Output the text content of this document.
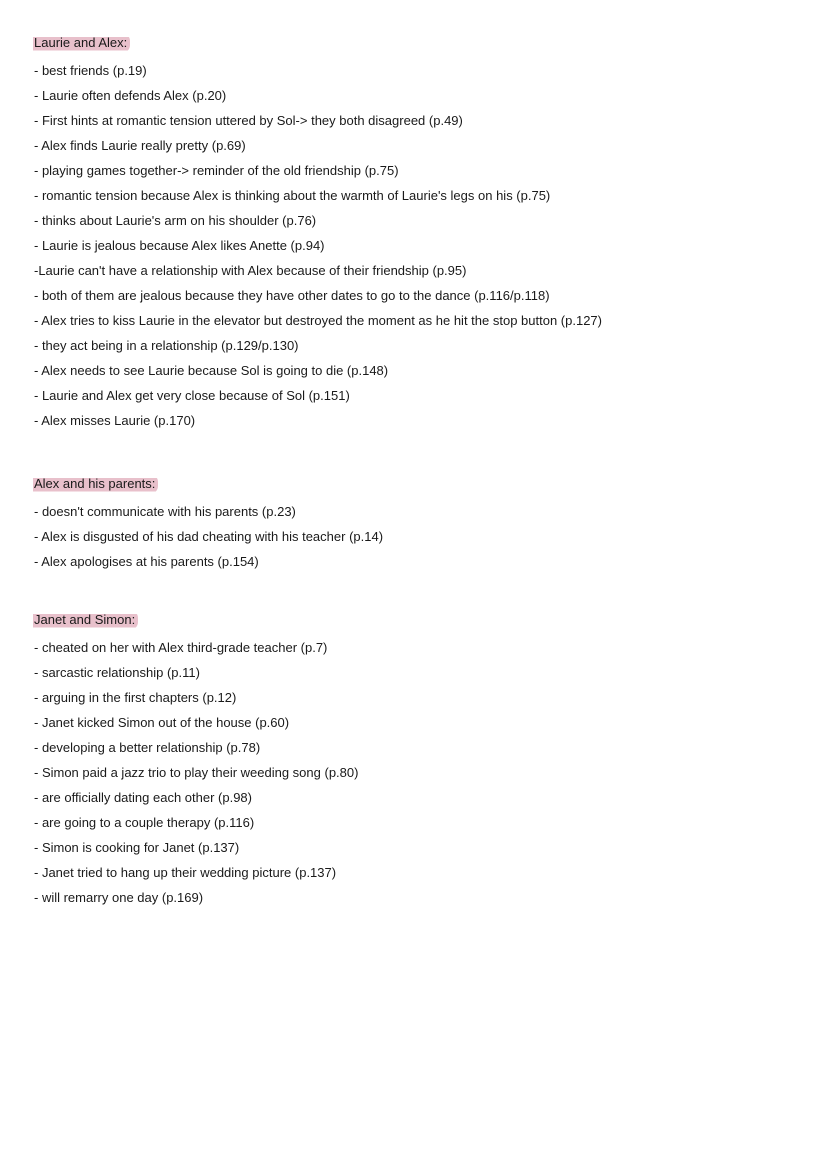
Laurie and Alex:
- best friends (p.19)
- Laurie often defends Alex (p.20)
- First hints at romantic tension uttered by Sol-> they both disagreed (p.49)
- Alex finds Laurie really pretty (p.69)
- playing games together-> reminder of the old friendship (p.75)
- romantic tension because Alex is thinking about the warmth of Laurie's legs on his (p.75)
- thinks about Laurie's arm on his shoulder (p.76)
- Laurie is jealous because Alex likes Anette (p.94)
-Laurie can't have a relationship with Alex because of their friendship (p.95)
- both of them are jealous because they have other dates to go to the dance (p.116/p.118)
- Alex tries to kiss Laurie in the elevator but destroyed the moment as he hit the stop button (p.127)
- they act being in a relationship (p.129/p.130)
- Alex needs to see Laurie because Sol is going to die (p.148)
- Laurie and Alex get very close because of Sol (p.151)
- Alex misses Laurie (p.170)
Alex and his parents:
- doesn't communicate with his parents (p.23)
- Alex is disgusted of his dad cheating with his teacher (p.14)
- Alex apologises at his parents (p.154)
Janet and Simon:
- cheated on her with Alex third-grade teacher (p.7)
- sarcastic relationship (p.11)
- arguing in the first chapters (p.12)
- Janet kicked Simon out of the house (p.60)
- developing a better relationship (p.78)
- Simon paid a jazz trio to play their weeding song (p.80)
- are officially dating each other (p.98)
- are going to a couple therapy (p.116)
- Simon is cooking for Janet (p.137)
- Janet tried to hang up their wedding picture (p.137)
- will remarry one day (p.169)
